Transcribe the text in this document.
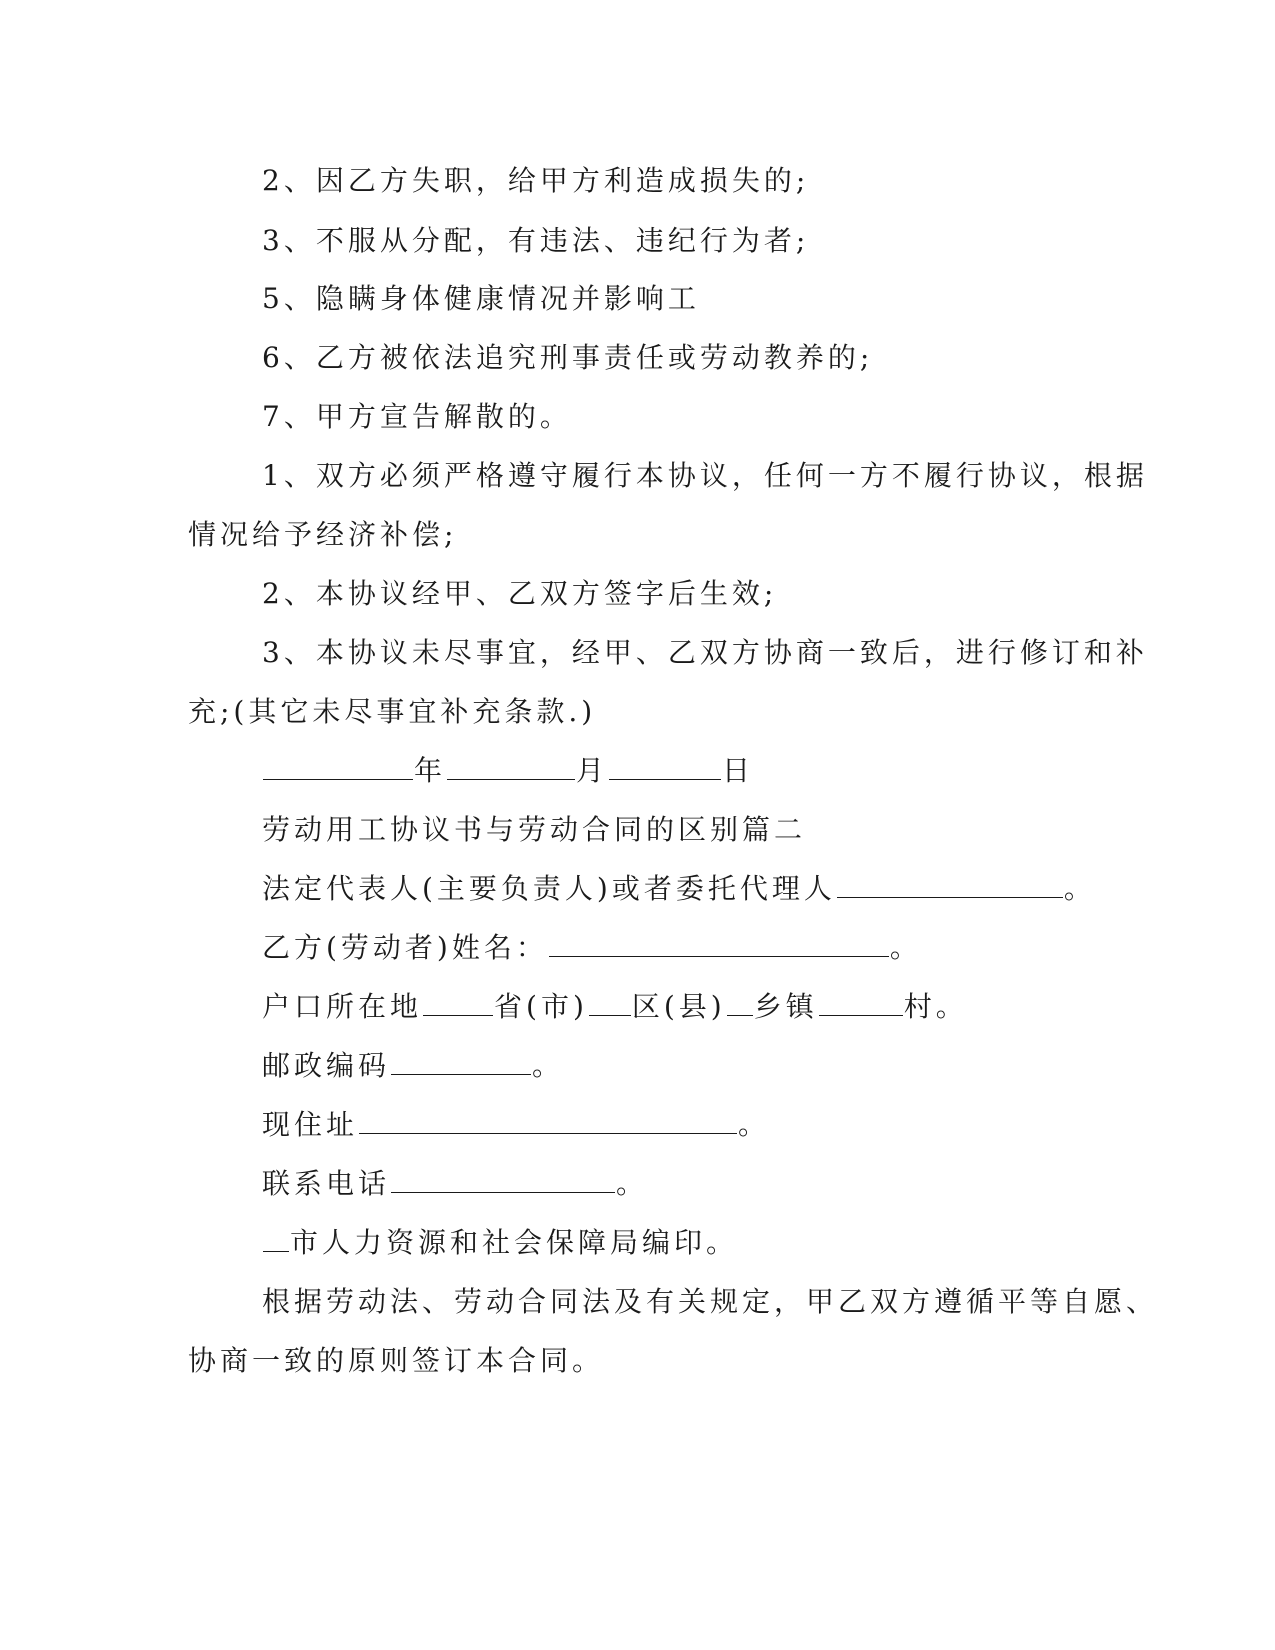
2、因乙方失职，给甲方利造成损失的;
3、不服从分配，有违法、违纪行为者;
5、隐瞒身体健康情况并影响工
6、乙方被依法追究刑事责任或劳动教养的;
7、甲方宣告解散的。
1、双方必须严格遵守履行本协议，任何一方不履行协议，根据
情况给予经济补偿;
2、本协议经甲、乙双方签字后生效;
3、本协议未尽事宜，经甲、乙双方协商一致后，进行修订和补
充;(其它未尽事宜补充条款.)
年	月	日
劳动用工协议书与劳动合同的区别篇二
法定代表人(主要负责人)或者委托代理人	。
乙方(劳动者)姓名：	。
户口所在地	省(市) 区(县) 乡镇	村。
邮政编码	。
现住址	。
联系电话	。
市人力资源和社会保障局编印。
根据劳动法、劳动合同法及有关规定，甲乙双方遵循平等自愿、
协商一致的原则签订本合同。
